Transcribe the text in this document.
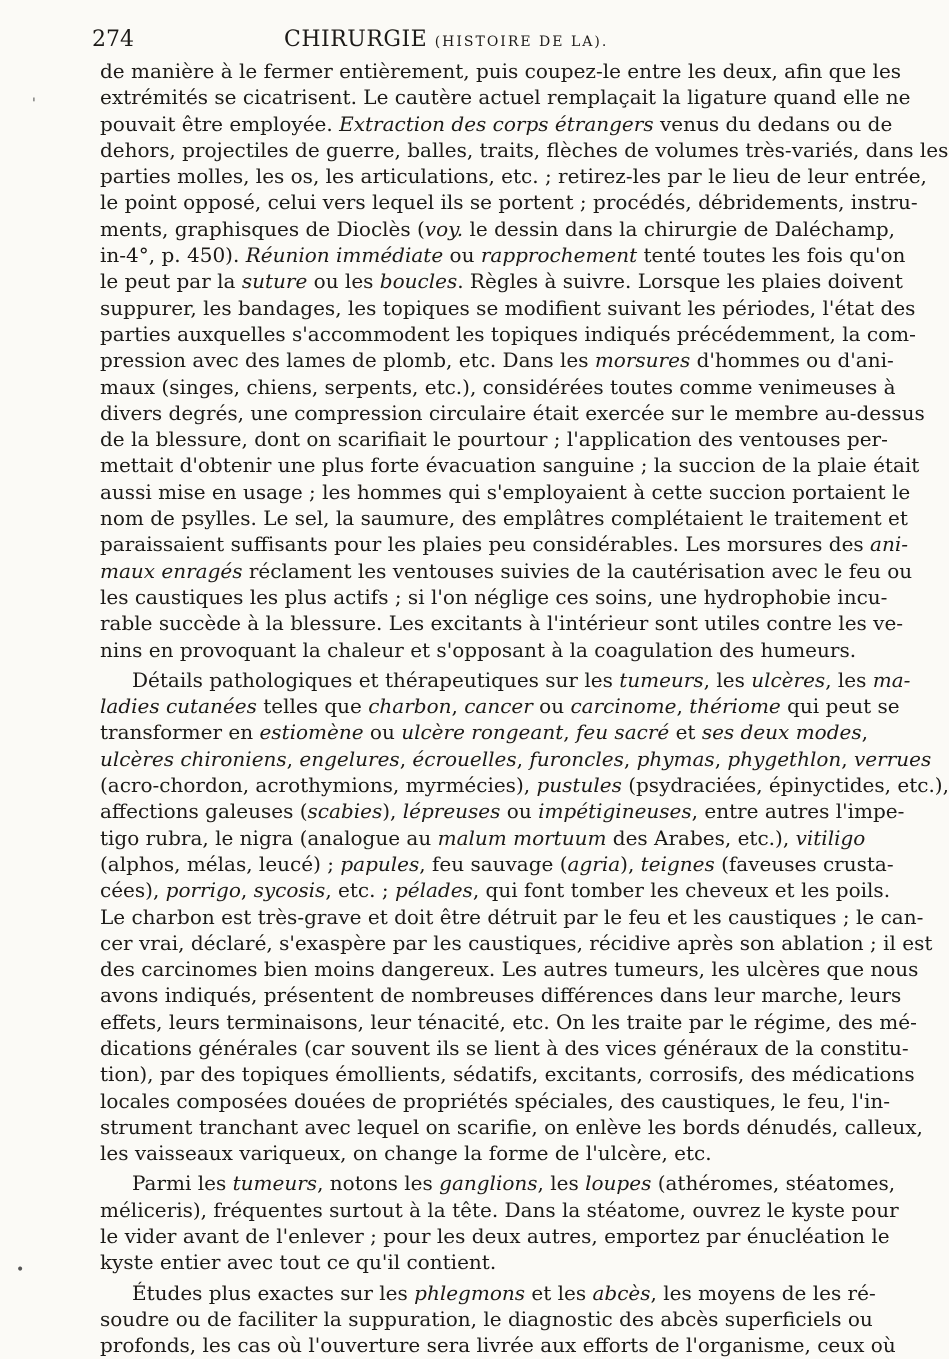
274	CHIRURGIE (HISTOIRE DE LA).

de manière à le fermer entièrement, puis coupez-le entre les deux, afin que les
extrémités se cicatrisent. Le cautère actuel remplaçait la ligature quand elle ne
pouvait être employée. Extraction des corps étrangers venus du dedans ou de
dehors, projectiles de guerre, balles, traits, flèches de volumes très-variés, dans les
parties molles, les os, les articulations, etc. ; retirez-les par le lieu de leur entrée,
le point opposé, celui vers lequel ils se portent ; procédés, débridements, instru-
ments, graphisques de Dioclès (voy. le dessin dans la chirurgie de Daléchamp,
in-4°, p. 450). Réunion immédiate ou rapprochement tenté toutes les fois qu'on
le peut par la suture ou les boucles. Règles à suivre. Lorsque les plaies doivent
suppurer, les bandages, les topiques se modifient suivant les périodes, l'état des
parties auxquelles s'accommodent les topiques indiqués précédemment, la com-
pression avec des lames de plomb, etc. Dans les morsures d'hommes ou d'ani-
maux (singes, chiens, serpents, etc.), considérées toutes comme venimeuses à
divers degrés, une compression circulaire était exercée sur le membre au-dessus
de la blessure, dont on scarifiait le pourtour ; l'application des ventouses per-
mettait d'obtenir une plus forte évacuation sanguine ; la succion de la plaie était
aussi mise en usage ; les hommes qui s'employaient à cette succion portaient le
nom de psylles. Le sel, la saumure, des emplâtres complétaient le traitement et
paraissaient suffisants pour les plaies peu considérables. Les morsures des ani-
maux enragés réclament les ventouses suivies de la cautérisation avec le feu ou
les caustiques les plus actifs ; si l'on néglige ces soins, une hydrophobie incu-
rable succède à la blessure. Les excitants à l'intérieur sont utiles contre les ve-
nins en provoquant la chaleur et s'opposant à la coagulation des humeurs.

Détails pathologiques et thérapeutiques sur les tumeurs, les ulcères, les ma-
ladies cutanées telles que charbon, cancer ou carcinome, thériome qui peut se
transformer en estiomène ou ulcère rongeant, feu sacré et ses deux modes,
ulcères chironiens, engelures, écrouelles, furoncles, phymas, phygethlon, verrues
(acro-chordon, acrothymions, myrmécies), pustules (psydraciées, épinyctides, etc.),
affections galeuses (scabies), lépreuses ou impétigineuses, entre autres l'impe-
tigo rubra, le nigra (analogue au malum mortuum des Arabes, etc.), vitiligo
(alphos, mélas, leucé) ; papules, feu sauvage (agria), teignes (faveuses crusta-
cées), porrigo, sycosis, etc. ; pélades, qui font tomber les cheveux et les poils.
Le charbon est très-grave et doit être détruit par le feu et les caustiques ; le can-
cer vrai, déclaré, s'exaspère par les caustiques, récidive après son ablation ; il est
des carcinomes bien moins dangereux. Les autres tumeurs, les ulcères que nous
avons indiqués, présentent de nombreuses différences dans leur marche, leurs
effets, leurs terminaisons, leur ténacité, etc. On les traite par le régime, des mé-
dications générales (car souvent ils se lient à des vices généraux de la constitu-
tion), par des topiques émollients, sédatifs, excitants, corrosifs, des médications
locales composées douées de propriétés spéciales, des caustiques, le feu, l'in-
strument tranchant avec lequel on scarifie, on enlève les bords dénudés, calleux,
les vaisseaux variqueux, on change la forme de l'ulcère, etc.

Parmi les tumeurs, notons les ganglions, les loupes (athéromes, stéatomes,
méliceris), fréquentes surtout à la tête. Dans la stéatome, ouvrez le kyste pour
le vider avant de l'enlever ; pour les deux autres, emportez par énucléation le
kyste entier avec tout ce qu'il contient.

Études plus exactes sur les phlegmons et les abcès, les moyens de les ré-
soudre ou de faciliter la suppuration, le diagnostic des abcès superficiels ou
profonds, les cas où l'ouverture sera livrée aux efforts de l'organisme, ceux où

'
•
